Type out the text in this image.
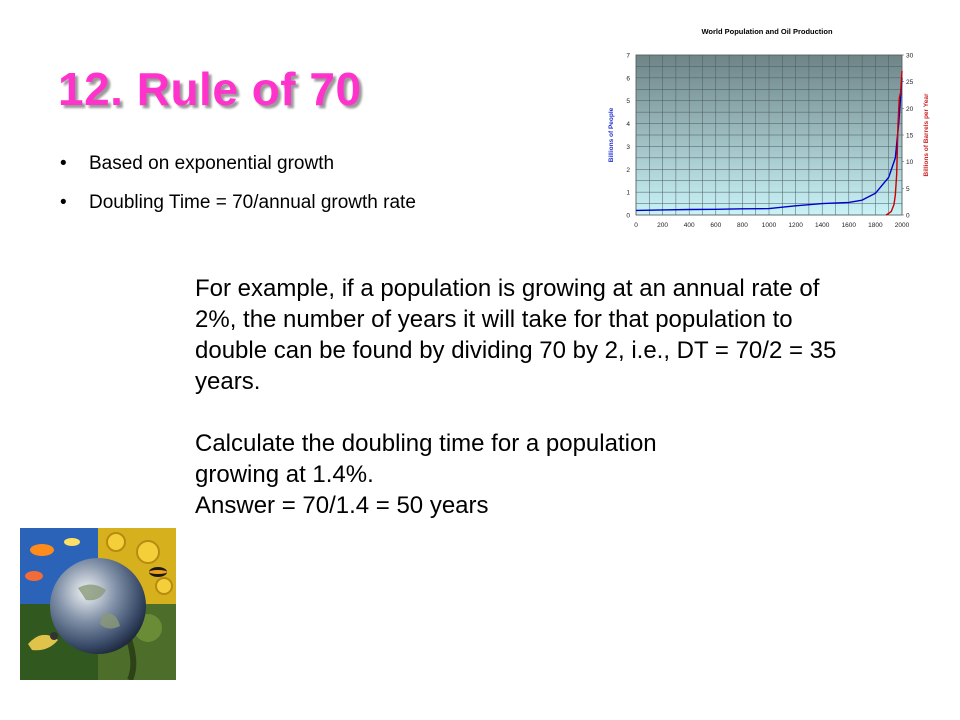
12. Rule of 70
• Based on exponential growth
• Doubling Time = 70/annual growth rate

For example, if a population is growing at an annual rate of 2%, the number of years it will take for that population to double can be found by dividing 70 by 2, i.e., DT = 70/2 = 35 years.

Calculate the doubling time for a population

growing at 1.4%.

Answer = 70/1.4 = 50 years

World Population and Oil Production
0	200 400 600 800 1000 1200 1400 1600 1800 2000
0
1
2
3
4
5
6
7
0
5
10
15
20
25
30
Billions of People	Billions of Barrels per Year
